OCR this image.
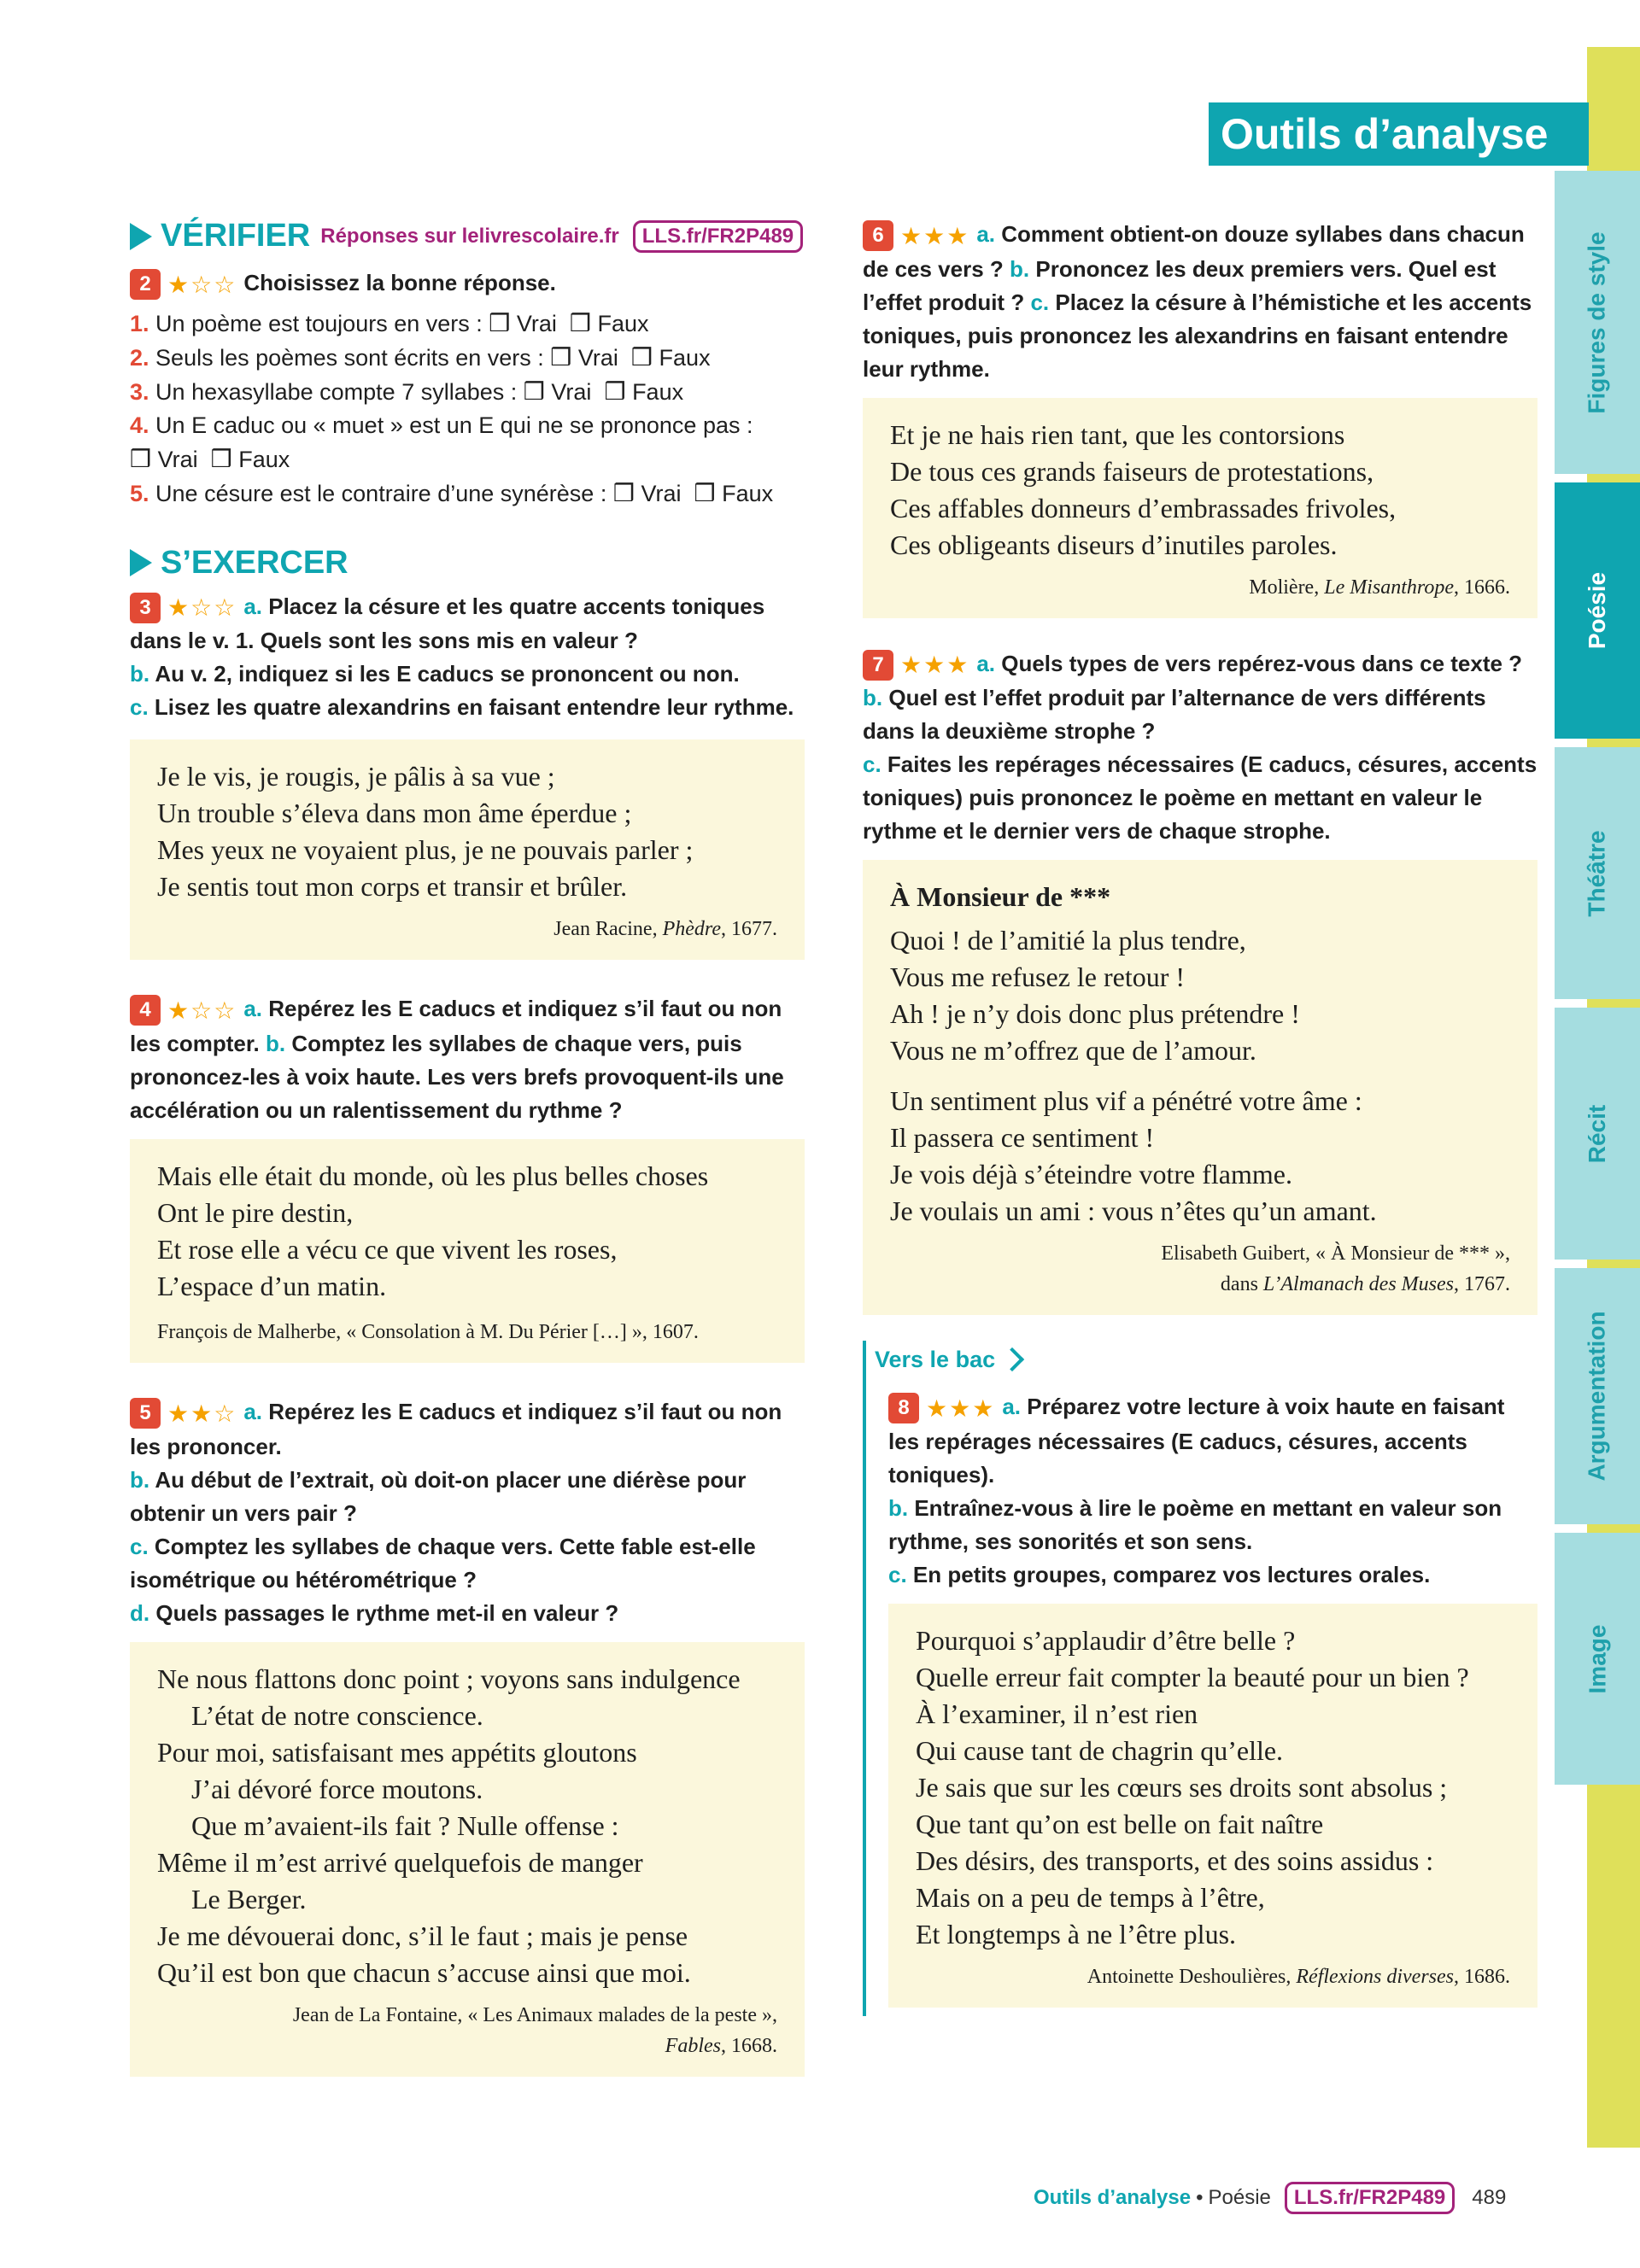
Figures de style
Poésie
Théâtre
Récit
Argumentation
Image
Outils d’analyse
VÉRIFIER Réponses sur lelivrescolaire.fr	LLS.fr/FR2P489
2 ★☆☆ Choisissez la bonne réponse.
1. Un poème est toujours en vers : ❒ Vrai ❒ Faux
2. Seuls les poèmes sont écrits en vers : ❒ Vrai ❒ Faux
3. Un hexasyllabe compte 7 syllabes : ❒ Vrai ❒ Faux
4. Un E caduc ou « muet » est un E qui ne se prononce pas :
❒ Vrai ❒ Faux
5. Une césure est le contraire d’une synérèse : ❒ Vrai ❒ Faux
S’EXERCER
3 ★☆☆ a. Placez la césure et les quatre accents toniques dans le v. 1. Quels sont les sons mis en valeur ?
b. Au v. 2, indiquez si les E caducs se prononcent ou non.
c. Lisez les quatre alexandrins en faisant entendre leur rythme.
Je le vis, je rougis, je pâlis à sa vue ;
Un trouble s’éleva dans mon âme éperdue ;
Mes yeux ne voyaient plus, je ne pouvais parler ;
Je sentis tout mon corps et transir et brûler.
Jean Racine, Phèdre, 1677.
4 ★☆☆ a. Repérez les E caducs et indiquez s’il faut ou non les compter. b. Comptez les syllabes de chaque vers, puis prononcez-les à voix haute. Les vers brefs provoquent-ils une accélération ou un ralentissement du rythme ?
Mais elle était du monde, où les plus belles choses
Ont le pire destin,
Et rose elle a vécu ce que vivent les roses,
L’espace d’un matin.
François de Malherbe, « Consolation à M. Du Périer […] », 1607.
5 ★★☆ a. Repérez les E caducs et indiquez s’il faut ou non les prononcer.
b. Au début de l’extrait, où doit-on placer une diérèse pour obtenir un vers pair ?
c. Comptez les syllabes de chaque vers. Cette fable est-elle isométrique ou hétérométrique ?
d. Quels passages le rythme met-il en valeur ?
Ne nous flattons donc point ; voyons sans indulgence
L’état de notre conscience.
Pour moi, satisfaisant mes appétits gloutons
J’ai dévoré force moutons.
Que m’avaient-ils fait ? Nulle offense :
Même il m’est arrivé quelquefois de manger
Le Berger.
Je me dévouerai donc, s’il le faut ; mais je pense
Qu’il est bon que chacun s’accuse ainsi que moi.
Jean de La Fontaine, « Les Animaux malades de la peste »,
Fables, 1668.
6 ★★★ a. Comment obtient-on douze syllabes dans chacun de ces vers ? b. Prononcez les deux premiers vers. Quel est l’effet produit ? c. Placez la césure à l’hémistiche et les accents toniques, puis prononcez les alexandrins en faisant entendre leur rythme.
Et je ne hais rien tant, que les contorsions
De tous ces grands faiseurs de protestations,
Ces affables donneurs d’embrassades frivoles,
Ces obligeants diseurs d’inutiles paroles.
Molière, Le Misanthrope, 1666.
7 ★★★ a. Quels types de vers repérez-vous dans ce texte ? b. Quel est l’effet produit par l’alternance de vers différents dans la deuxième strophe ?
c. Faites les repérages nécessaires (E caducs, césures, accents toniques) puis prononcez le poème en mettant en valeur le rythme et le dernier vers de chaque strophe.
À Monsieur de ***
Quoi ! de l’amitié la plus tendre,
Vous me refusez le retour !
Ah ! je n’y dois donc plus prétendre !
Vous ne m’offrez que de l’amour.
Un sentiment plus vif a pénétré votre âme :
Il passera ce sentiment !
Je vois déjà s’éteindre votre flamme.
Je voulais un ami : vous n’êtes qu’un amant.
Elisabeth Guibert, « À Monsieur de *** »,
dans L’Almanach des Muses, 1767.
Vers le bac
8 ★★★ a. Préparez votre lecture à voix haute en faisant les repérages nécessaires (E caducs, césures, accents toniques).
b. Entraînez-vous à lire le poème en mettant en valeur son rythme, ses sonorités et son sens.
c. En petits groupes, comparez vos lectures orales.
Pourquoi s’applaudir d’être belle ?
Quelle erreur fait compter la beauté pour un bien ?
À l’examiner, il n’est rien
Qui cause tant de chagrin qu’elle.
Je sais que sur les cœurs ses droits sont absolus ;
Que tant qu’on est belle on fait naître
Des désirs, des transports, et des soins assidus :
Mais on a peu de temps à l’être,
Et longtemps à ne l’être plus.
Antoinette Deshoulières, Réflexions diverses, 1686.
Outils d’analyse • Poésie	LLS.fr/FR2P489	489
